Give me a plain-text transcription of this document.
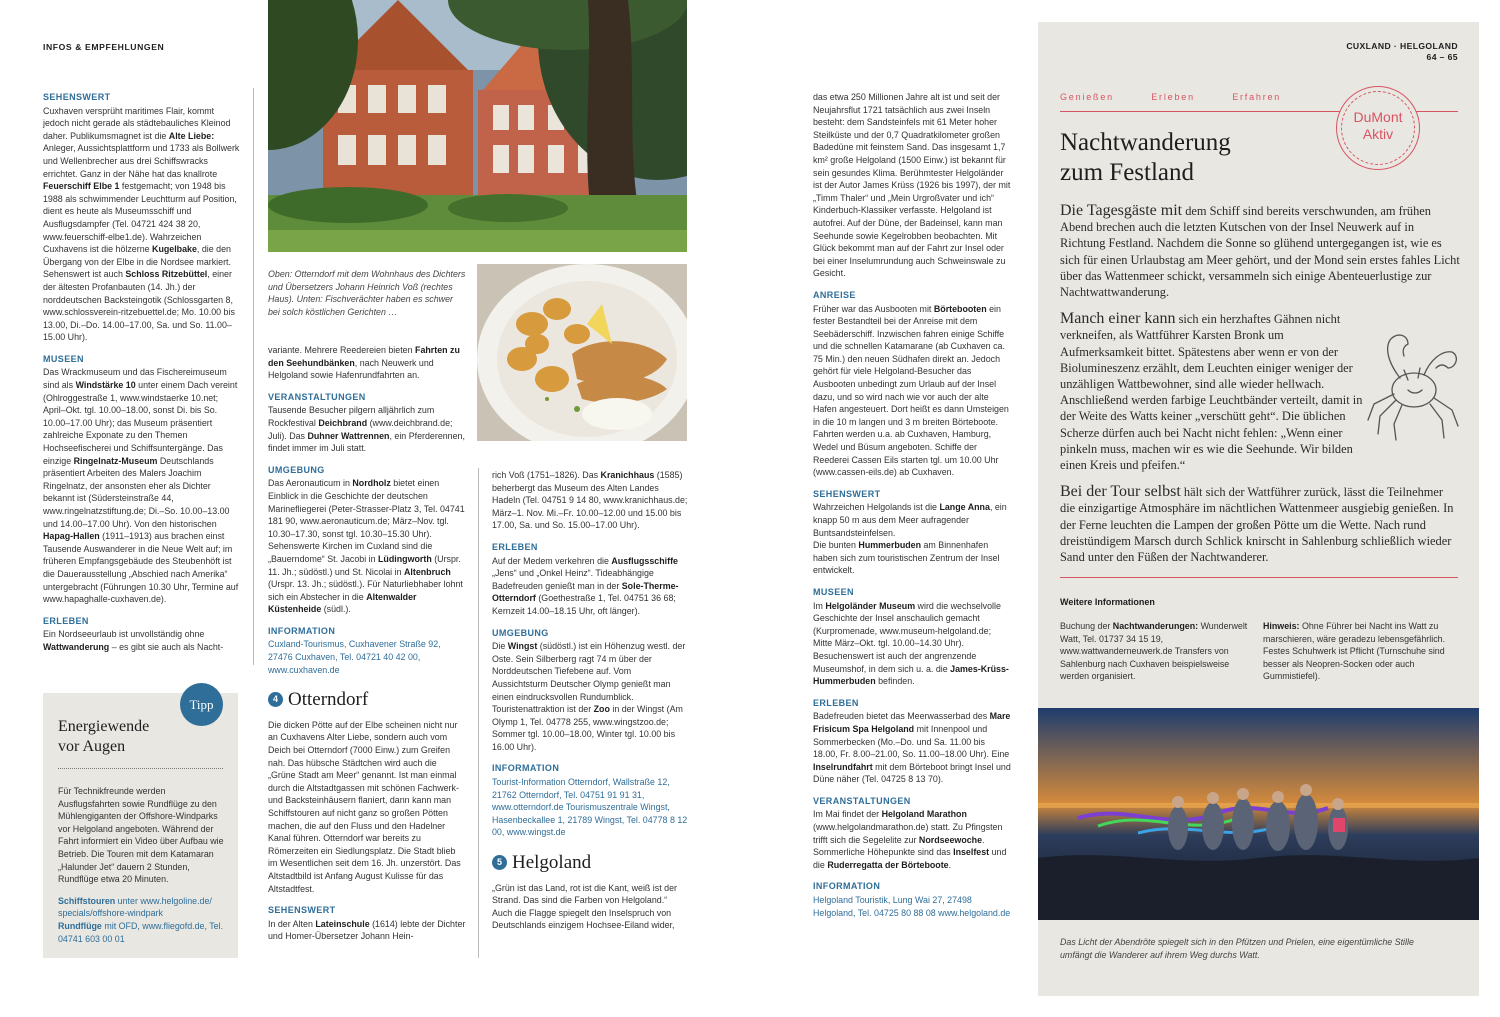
INFOS & EMPFEHLUNGEN
SEHENSWERT

Cuxhaven versprüht maritimes Flair, kommt jedoch nicht gerade als städtebauliches Kleinod daher. Publikumsmagnet ist die Alte Liebe: Anleger, Aussichtsplattform und 1733 als Bollwerk und Wellenbrecher aus drei Schiffswracks errichtet. Ganz in der Nähe hat das knallrote Feuerschiff Elbe 1 festgemacht; von 1948 bis 1988 als schwimmender Leuchtturm auf Position, dient es heute als Museumsschiff und Ausflugsdampfer (Tel. 04721 424 38 20, www.feuerschiff-elbe1.de). Wahrzeichen Cuxhavens ist die hölzerne Kugelbake, die den Übergang von der Elbe in die Nordsee markiert.
Sehenswert ist auch Schloss Ritzebüttel, einer der ältesten Profanbauten (14. Jh.) der norddeutschen Backsteingotik (Schlossgarten 8, www.schlossverein-ritzebuettel.de; Mo. 10.00 bis 13.00, Di.–Do. 14.00–17.00, Sa. und So. 11.00–15.00 Uhr).

MUSEEN

Das Wrackmuseum und das Fischereimuseum sind als Windstärke 10 unter einem Dach vereint (Ohlroggestraße 1, www.windstaerke 10.net; April–Okt. tgl. 10.00–18.00, sonst Di. bis So. 10.00–17.00 Uhr); das Museum präsentiert zahlreiche Exponate zu den Themen Hochseefischerei und Schiffsuntergänge. Das einzige Ringelnatz-Museum Deutschlands präsentiert Arbeiten des Malers Joachim Ringelnatz, der ansonsten eher als Dichter bekannt ist (Südersteinstraße 44, www.ringelnatzstiftung.de; Di.–So. 10.00–13.00 und 14.00–17.00 Uhr). Von den historischen Hapag-Hallen (1911–1913) aus brachen einst Tausende Auswanderer in die Neue Welt auf; im früheren Empfangsgebäude des Steubenhöft ist die Dauerausstellung „Abschied nach Amerika“ untergebracht (Führungen 10.30 Uhr, Termine auf www.hapaghalle-cuxhaven.de).

ERLEBEN

Ein Nordseeurlaub ist unvollständig ohne Wattwanderung – es gibt sie auch als Nacht-

Tipp
Energiewende
vor Augen

Für Technikfreunde werden Ausflugsfahrten sowie Rundflüge zu den Mühlengiganten der Offshore-Windparks vor Helgoland angeboten. Während der Fahrt informiert ein Video über Aufbau wie Betrieb. Die Touren mit dem Katamaran „Halunder Jet“ dauern 2 Stunden, Rundflüge etwa 20 Minuten.

Schiffstouren unter www.helgoline.de/ specials/offshore-windpark
Rundflüge mit OFD, www.fliegofd.de, Tel. 04741 603 00 01

Oben: Otterndorf mit dem Wohnhaus des Dichters und Übersetzers Johann Heinrich Voß (rechtes Haus). Unten: Fischverächter haben es schwer bei solch köstlichen Gerichten …

variante. Mehrere Reedereien bieten Fahrten zu den Seehundbänken, nach Neuwerk und Helgoland sowie Hafenrundfahrten an.

VERANSTALTUNGEN

Tausende Besucher pilgern alljährlich zum Rockfestival Deichbrand (www.deichbrand.de; Juli). Das Duhner Wattrennen, ein Pferderennen, findet immer im Juli statt.

UMGEBUNG

Das Aeronauticum in Nordholz bietet einen Einblick in die Geschichte der deutschen Marinefliegerei (Peter-Strasser-Platz 3, Tel. 04741 181 90, www.aeronauticum.de; März–Nov. tgl. 10.30–17.30, sonst tgl. 10.30–15.30 Uhr). Sehenswerte Kirchen im Cuxland sind die „Bauerndome“ St. Jacobi in Lüdingworth (Urspr. 11. Jh.; südöstl.) und St. Nicolai in Altenbruch (Urspr. 13. Jh.; südöstl.). Für Naturliebhaber lohnt sich ein Abstecher in die Altenwalder Küstenheide (südl.).

INFORMATION

Cuxland-Tourismus, Cuxhavener Straße 92, 27476 Cuxhaven, Tel. 04721 40 42 00, www.cuxhaven.de

4 Otterndorf

Die dicken Pötte auf der Elbe scheinen nicht nur an Cuxhavens Alter Liebe, sondern auch vom Deich bei Otterndorf (7000 Einw.) zum Greifen nah. Das hübsche Städtchen wird auch die „Grüne Stadt am Meer“ genannt. Ist man einmal durch die Altstadtgassen mit schönen Fachwerk- und Backsteinhäusern flaniert, dann kann man Schiffstouren auf nicht ganz so großen Pötten machen, die auf den Fluss und den Hadelner Kanal führen. Otterndorf war bereits zu Römerzeiten ein Siedlungsplatz. Die Stadt blieb im Wesentlichen seit dem 16. Jh. unzerstört. Das Altstadtbild ist Anfang August Kulisse für das Altstadtfest.

SEHENSWERT

In der Alten Lateinschule (1614) lebte der Dichter und Homer-Übersetzer Johann Hein-

rich Voß (1751–1826). Das Kranichhaus (1585) beherbergt das Museum des Alten Landes Hadeln (Tel. 04751 9 14 80, www.kranichhaus.de; März–1. Nov. Mi.–Fr. 10.00–12.00 und 15.00 bis 17.00, Sa. und So. 15.00–17.00 Uhr).

ERLEBEN

Auf der Medem verkehren die Ausflugsschiffe „Jens“ und „Onkel Heinz“. Tideabhängige Badefreuden genießt man in der Sole-Therme-Otterndorf (Goethestraße 1, Tel. 04751 36 68; Kernzeit 14.00–18.15 Uhr, oft länger).

UMGEBUNG

Die Wingst (südöstl.) ist ein Höhenzug westl. der Oste. Sein Silberberg ragt 74 m über der Norddeutschen Tiefebene auf. Vom Aussichtsturm Deutscher Olymp genießt man einen eindrucksvollen Rundumblick. Touristenattraktion ist der Zoo in der Wingst (Am Olymp 1, Tel. 04778 255, www.wingstzoo.de; Sommer tgl. 10.00–18.00, Winter tgl. 10.00 bis 16.00 Uhr).

INFORMATION

Tourist-Information Otterndorf, Wallstraße 12, 21762 Otterndorf, Tel. 04751 91 91 31, www.otterndorf.de Tourismuszentrale Wingst, Hasenbeckallee 1, 21789 Wingst, Tel. 04778 8 12 00, www.wingst.de

5 Helgoland

„Grün ist das Land, rot ist die Kant, weiß ist der Strand. Das sind die Farben von Helgoland.“ Auch die Flagge spiegelt den Inselspruch von Deutschlands einzigem Hochsee-Eiland wider,

das etwa 250 Millionen Jahre alt ist und seit der Neujahrsflut 1721 tatsächlich aus zwei Inseln besteht: dem Sandsteinfels mit 61 Meter hoher Steilküste und der 0,7 Quadratkilometer großen Badedüne mit feinstem Sand. Das insgesamt 1,7 km² große Helgoland (1500 Einw.) ist bekannt für sein gesundes Klima. Berühmtester Helgoländer ist der Autor James Krüss (1926 bis 1997), der mit „Timm Thaler“ und „Mein Urgroßvater und ich“ Kinderbuch-Klassiker verfasste. Helgoland ist autofrei. Auf der Düne, der Badeinsel, kann man Seehunde sowie Kegelrobben beobachten. Mit Glück bekommt man auf der Fahrt zur Insel oder bei einer Inselumrundung auch Schweinswale zu Gesicht.

ANREISE

Früher war das Ausbooten mit Börtebooten ein fester Bestandteil bei der Anreise mit dem Seebäderschiff. Inzwischen fahren einige Schiffe und die schnellen Katamarane (ab Cuxhaven ca. 75 Min.) den neuen Südhafen direkt an. Jedoch gehört für viele Helgoland-Besucher das Ausbooten unbedingt zum Urlaub auf der Insel dazu, und so wird nach wie vor auch der alte Hafen angesteuert. Dort heißt es dann Umsteigen in die 10 m langen und 3 m breiten Börteboote. Fahrten werden u.a. ab Cuxhaven, Hamburg, Wedel und Büsum angeboten. Schiffe der Reederei Cassen Eils starten tgl. um 10.00 Uhr (www.cassen-eils.de) ab Cuxhaven.

SEHENSWERT

Wahrzeichen Helgolands ist die Lange Anna, ein knapp 50 m aus dem Meer aufragender Buntsandsteinfelsen.
Die bunten Hummerbuden am Binnenhafen haben sich zum touristischen Zentrum der Insel entwickelt.

MUSEEN

Im Helgoländer Museum wird die wechselvolle Geschichte der Insel anschaulich gemacht (Kurpromenade, www.museum-helgoland.de; Mitte März–Okt. tgl. 10.00–14.30 Uhr). Besuchenswert ist auch der angrenzende Museumshof, in dem sich u. a. die James-Krüss-Hummerbuden befinden.

ERLEBEN

Badefreuden bietet das Meerwasserbad des Mare Frisicum Spa Helgoland mit Innenpool und Sommerbecken (Mo.–Do. und Sa. 11.00 bis 18.00, Fr. 8.00–21.00, So. 11.00–18.00 Uhr). Eine Inselrundfahrt mit dem Börteboot bringt Insel und Düne näher (Tel. 04725 8 13 70).

VERANSTALTUNGEN

Im Mai findet der Helgoland Marathon (www.helgolandmarathon.de) statt. Zu Pfingsten trifft sich die Segelelite zur Nordseewoche. Sommerliche Höhepunkte sind das Inselfest und die Ruderregatta der Börteboote.

INFORMATION

Helgoland Touristik, Lung Wai 27, 27498 Helgoland, Tel. 04725 80 88 08 www.helgoland.de

CUXLAND · HELGOLAND
64 – 65
Genießen	Erleben	Erfahren
DuMont
Aktiv
Nachtwanderung
zum Festland

Die Tagesgäste mit dem Schiff sind bereits verschwunden, am frühen Abend brechen auch die letzten Kutschen von der Insel Neuwerk auf in Richtung Festland. Nachdem die Sonne so glühend untergegangen ist, wie es sich für einen Urlaubstag am Meer gehört, und der Mond sein erstes fahles Licht über das Wattenmeer schickt, versammeln sich einige Abenteuerlustige zur Nachtwattwanderung.

Manch einer kann sich ein herzhaftes Gähnen nicht verkneifen, als Wattführer Karsten Bronk um Aufmerksamkeit bittet. Spätestens aber wenn er von der Biolumineszenz erzählt, dem Leuchten einiger weniger der unzähligen Wattbewohner, sind alle wieder hellwach. Anschließend werden farbige Leuchtbänder verteilt, damit in der Weite des Watts keiner „verschütt geht“. Die üblichen Scherze dürfen auch bei Nacht nicht fehlen: „Wenn einer pinkeln muss, machen wir es wie die Seehunde. Wir bilden einen Kreis und pfeifen.“

Bei der Tour selbst hält sich der Wattführer zurück, lässt die Teilnehmer die einzigartige Atmosphäre im nächtlichen Wattenmeer ausgiebig genießen. In der Ferne leuchten die Lampen der großen Pötte um die Wette. Nach rund dreistündigem Marsch durch Schlick knirscht in Sahlenburg schließlich wieder Sand unter den Füßen der Nachtwanderer.

Weitere Informationen
Buchung der Nachtwanderungen: Wunderwelt Watt, Tel. 01737 34 15 19, www.wattwanderneuwerk.de Transfers von Sahlenburg nach Cuxhaven beispielsweise werden organisiert.
Hinweis: Ohne Führer bei Nacht ins Watt zu marschieren, wäre geradezu lebensgefährlich. Festes Schuhwerk ist Pflicht (Turnschuhe sind besser als Neopren-Socken oder auch Gummistiefel).
Das Licht der Abendröte spiegelt sich in den Pfützen und Prielen, eine eigentümliche Stille umfängt die Wanderer auf ihrem Weg durchs Watt.
